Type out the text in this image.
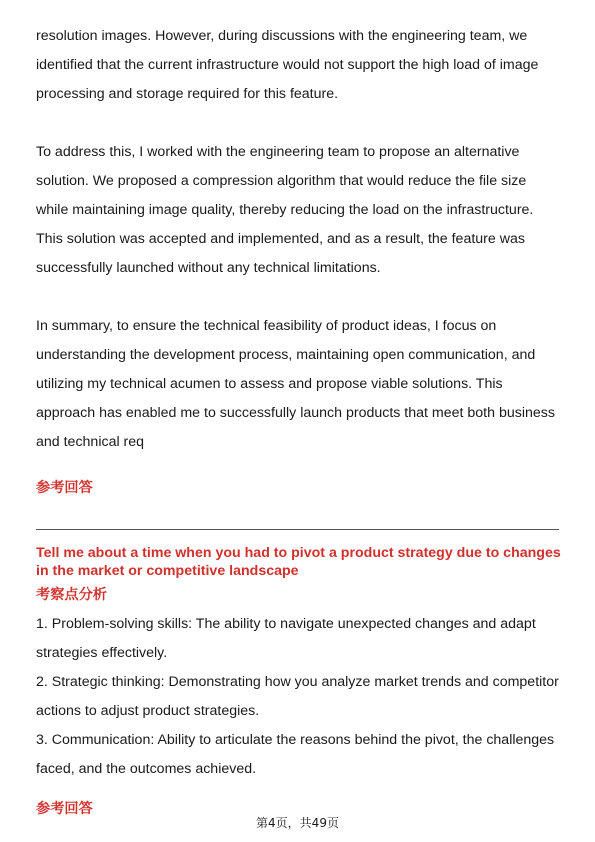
resolution images. However, during discussions with the engineering team, we identified that the current infrastructure would not support the high load of image processing and storage required for this feature.

To address this, I worked with the engineering team to propose an alternative solution. We proposed a compression algorithm that would reduce the file size while maintaining image quality, thereby reducing the load on the infrastructure. This solution was accepted and implemented, and as a result, the feature was successfully launched without any technical limitations.

In summary, to ensure the technical feasibility of product ideas, I focus on understanding the development process, maintaining open communication, and utilizing my technical acumen to assess and propose viable solutions. This approach has enabled me to successfully launch products that meet both business and technical req

参考回答

Tell me about a time when you had to pivot a product strategy due to changes in the market or competitive landscape

考察点分析

1. Problem-solving skills: The ability to navigate unexpected changes and adapt strategies effectively.

2. Strategic thinking: Demonstrating how you analyze market trends and competitor actions to adjust product strategies.

3. Communication: Ability to articulate the reasons behind the pivot, the challenges faced, and the outcomes achieved.

参考回答

第4页，共49页
